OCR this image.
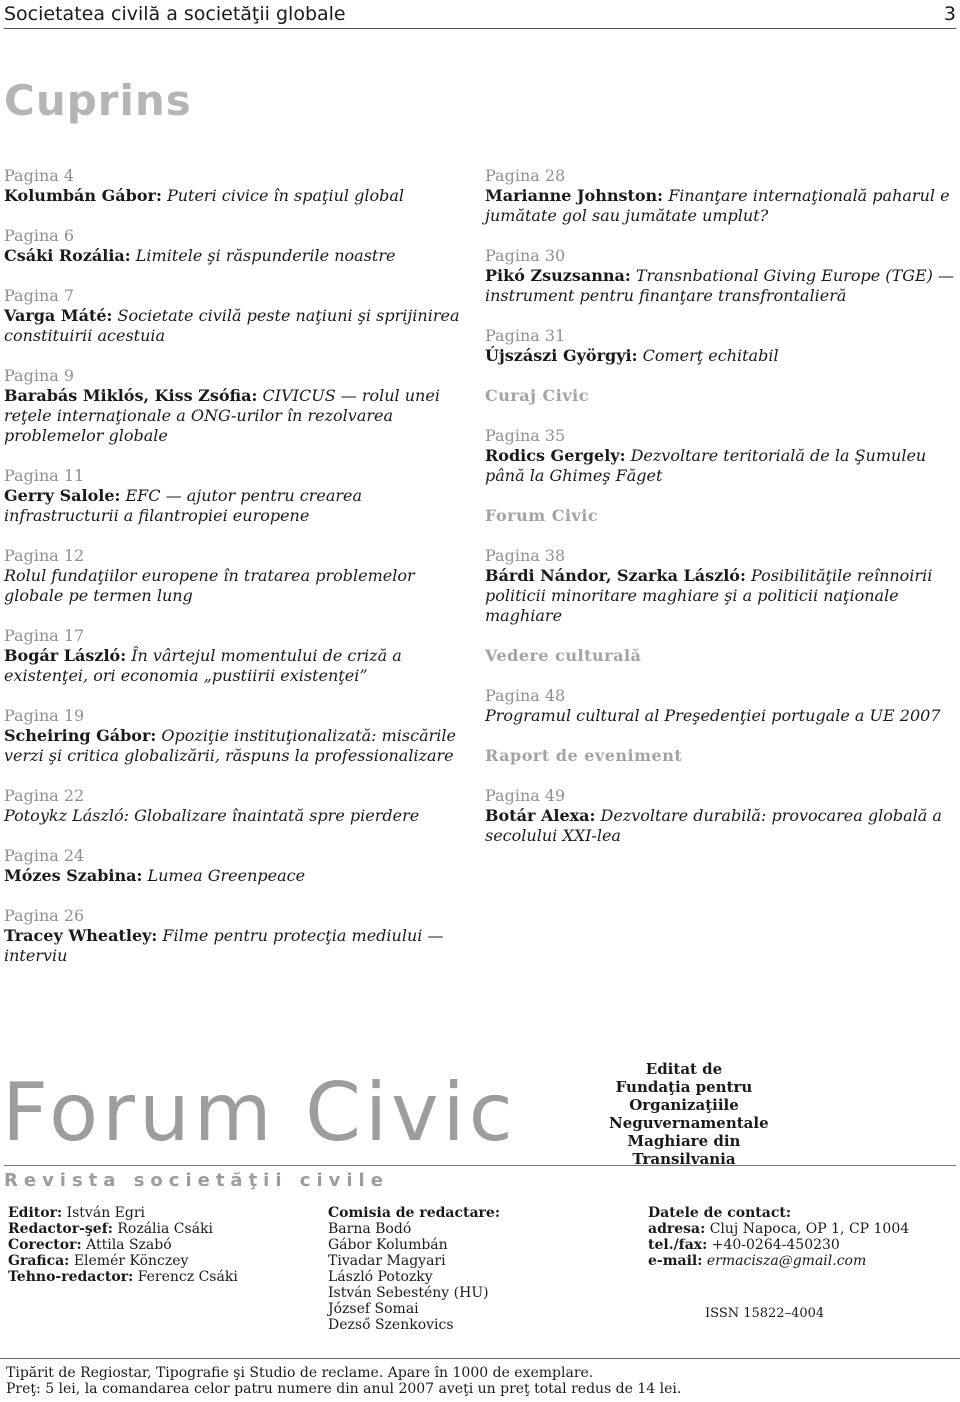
Societatea civilă a societăţii globale	3
Cuprins
Pagina 4
Kolumbán Gábor: Puteri civice în spaţiul global
Pagina 6
Csáki Rozália: Limitele şi răspunderile noastre
Pagina 7
Varga Máté: Societate civilă peste naţiuni şi sprijinirea constituirii acestuia
Pagina 9
Barabás Miklós, Kiss Zsófia: CIVICUS — rolul unei reţele internaţionale a ONG-urilor în rezolvarea problemelor globale
Pagina 11
Gerry Salole: EFC — ajutor pentru crearea infrastructurii a filantropiei europene
Pagina 12
Rolul fundaţiilor europene în tratarea problemelor globale pe termen lung
Pagina 17
Bogár László: În vârtejul momentului de criză a existenţei, ori economia „pustiirii existenţei”
Pagina 19
Scheiring Gábor: Opoziţie instituţionalizată: miscările verzi şi critica globalizării, răspuns la professionalizare
Pagina 22
Potoykz László: Globalizare înaintată spre pierdere
Pagina 24
Mózes Szabina: Lumea Greenpeace
Pagina 26
Tracey Wheatley: Filme pentru protecţia mediului — interviu
Pagina 28
Marianne Johnston: Finanţare internaţională paharul e jumătate gol sau jumătate umplut?
Pagina 30
Pikó Zsuzsanna: Transnbational Giving Europe (TGE) — instrument pentru finanţare transfrontalieră
Pagina 31
Újszászi Györgyi: Comerţ echitabil
Curaj Civic
Pagina 35
Rodics Gergely: Dezvoltare teritorială de la Şumuleu până la Ghimeş Făget
Forum Civic
Pagina 38
Bárdi Nándor, Szarka László: Posibilităţile reînnoirii politicii minoritare maghiare şi a politicii naţionale maghiare
Vedere culturală
Pagina 48
Programul cultural al Preşedenţiei portugale a UE 2007
Raport de eveniment
Pagina 49
Botár Alexa: Dezvoltare durabilă: provocarea globală a secolului XXI-lea
Forum Civic
Revista societăţii civile
Editat de Fundaţia pentru Organizaţiile Neguvernamentale Maghiare din Transilvania
Editor: István Egri
Redactor-şef: Rozália Csáki
Corector: Attila Szabó
Grafica: Elemér Könczey
Tehno-redactor: Ferencz Csáki
Comisia de redactare:
Barna Bodó
Gábor Kolumbán
Tivadar Magyari
László Potozky
István Sebestény (HU)
József Somai
Dezső Szenkovics
Datele de contact:
adresa: Cluj Napoca, OP 1, CP 1004
tel./fax: +40-0264-450230
e-mail: ermacisza@gmail.com
ISSN 15822–4004
Tipărit de Regiostar, Tipografie şi Studio de reclame. Apare în 1000 de exemplare.
Preţ: 5 lei, la comandarea celor patru numere din anul 2007 aveţi un preţ total redus de 14 lei.
